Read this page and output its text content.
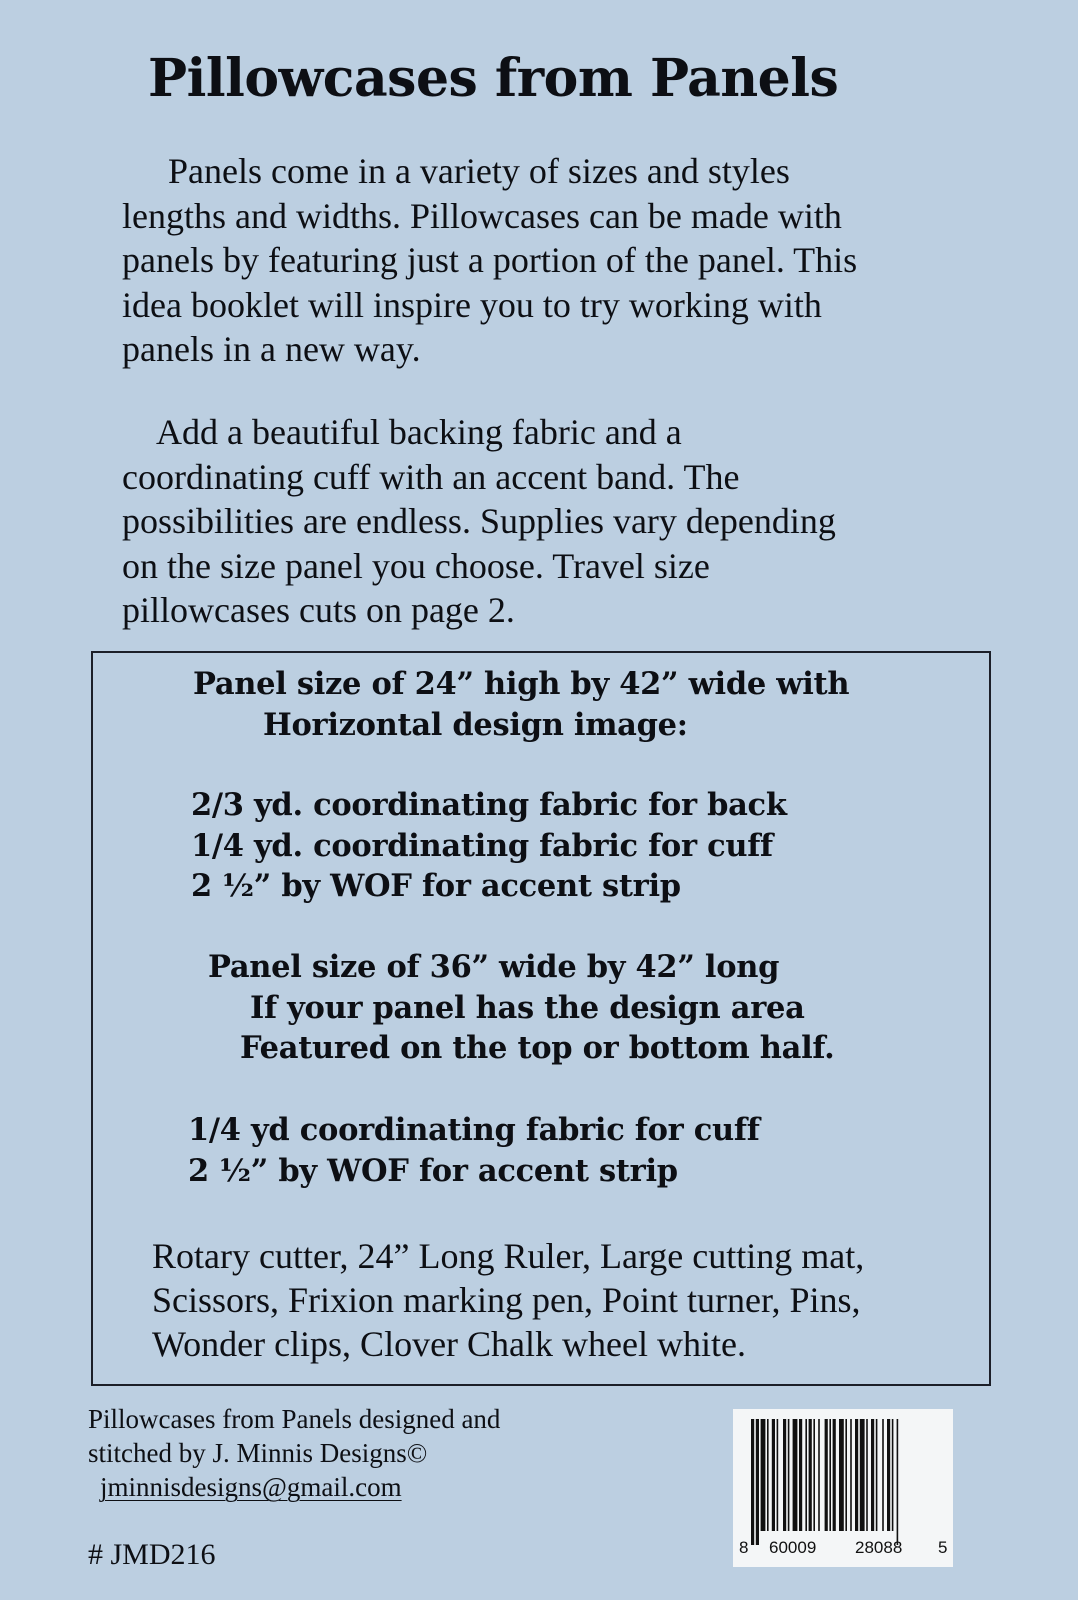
Pillowcases from Panels
Panels come in a variety of sizes and styles
lengths and widths. Pillowcases can be made with
panels by featuring just a portion of the panel. This
idea booklet will inspire you to try working with
panels in a new way.
Add a beautiful backing fabric and a
coordinating cuff with an accent band. The
possibilities are endless. Supplies vary depending
on the size panel you choose. Travel size
pillowcases cuts on page 2.
Panel size of 24” high by 42” wide with
Horizontal design image:
2/3 yd. coordinating fabric for back
1/4 yd. coordinating fabric for cuff
2 ½” by WOF for accent strip
Panel size of 36” wide by 42” long
If your panel has the design area
Featured on the top or bottom half.
1/4 yd coordinating fabric for cuff
2 ½” by WOF for accent strip
Rotary cutter, 24” Long Ruler, Large cutting mat,
Scissors, Frixion marking pen, Point turner, Pins,
Wonder clips, Clover Chalk wheel white.
Pillowcases from Panels designed and
stitched by J. Minnis Designs©
jminnisdesigns@gmail.com
# JMD216	8 60009 28088 5
